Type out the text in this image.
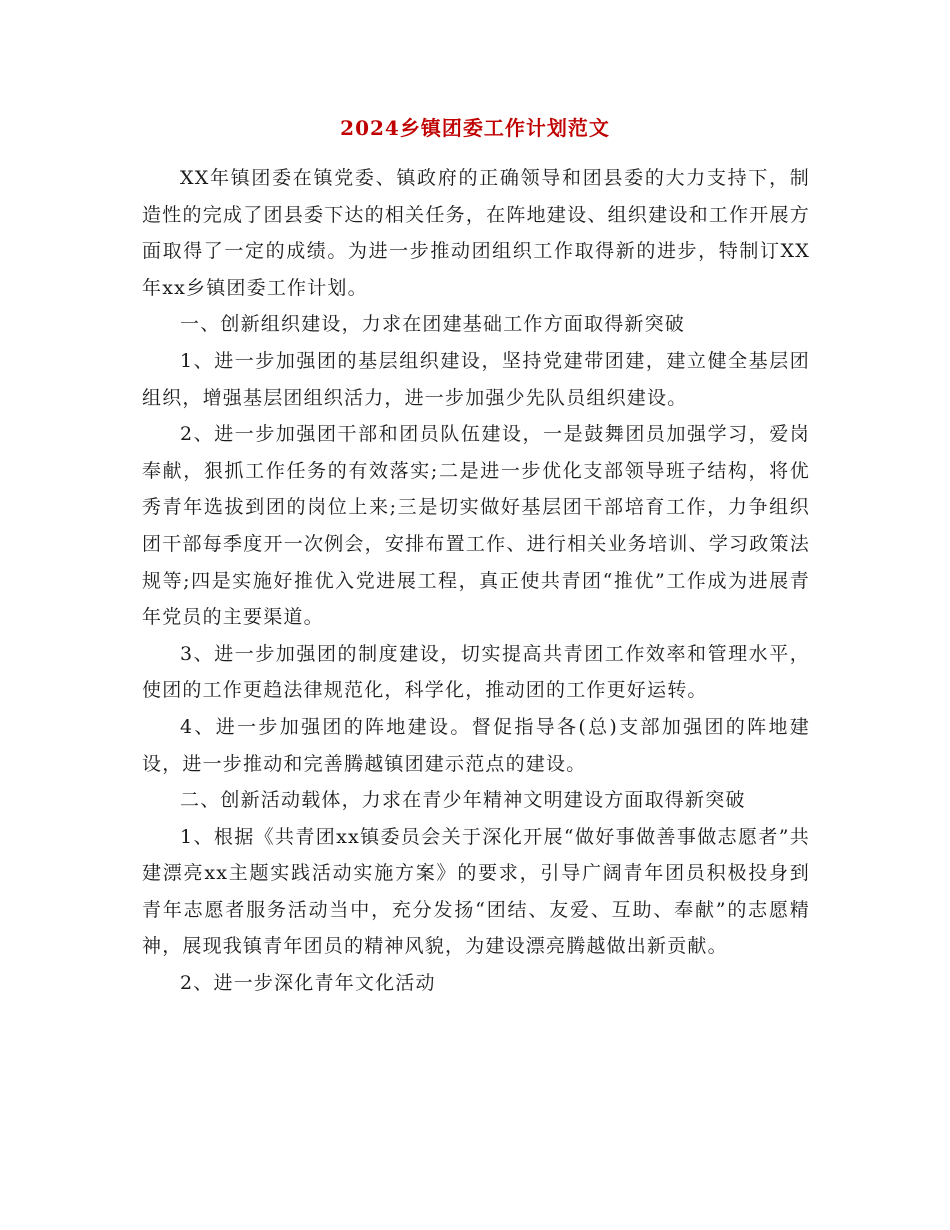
2024乡镇团委工作计划范文

XX年镇团委在镇党委、镇政府的正确领导和团县委的大力支持下，制造性的完成了团县委下达的相关任务，在阵地建设、组织建设和工作开展方面取得了一定的成绩。为进一步推动团组织工作取得新的进步，特制订XX年xx乡镇团委工作计划。

一、创新组织建设，力求在团建基础工作方面取得新突破

1、进一步加强团的基层组织建设，坚持党建带团建，建立健全基层团组织，增强基层团组织活力，进一步加强少先队员组织建设。

2、进一步加强团干部和团员队伍建设，一是鼓舞团员加强学习，爱岗奉献，狠抓工作任务的有效落实;二是进一步优化支部领导班子结构，将优秀青年选拔到团的岗位上来;三是切实做好基层团干部培育工作，力争组织团干部每季度开一次例会，安排布置工作、进行相关业务培训、学习政策法规等;四是实施好推优入党进展工程，真正使共青团“推优”工作成为进展青年党员的主要渠道。

3、进一步加强团的制度建设，切实提高共青团工作效率和管理水平，使团的工作更趋法律规范化，科学化，推动团的工作更好运转。

4、进一步加强团的阵地建设。督促指导各(总)支部加强团的阵地建设，进一步推动和完善腾越镇团建示范点的建设。

二、创新活动载体，力求在青少年精神文明建设方面取得新突破

1、根据《共青团xx镇委员会关于深化开展“做好事做善事做志愿者”共建漂亮xx主题实践活动实施方案》的要求，引导广阔青年团员积极投身到青年志愿者服务活动当中，充分发扬“团结、友爱、互助、奉献”的志愿精神，展现我镇青年团员的精神风貌，为建设漂亮腾越做出新贡献。

2、进一步深化青年文化活动
